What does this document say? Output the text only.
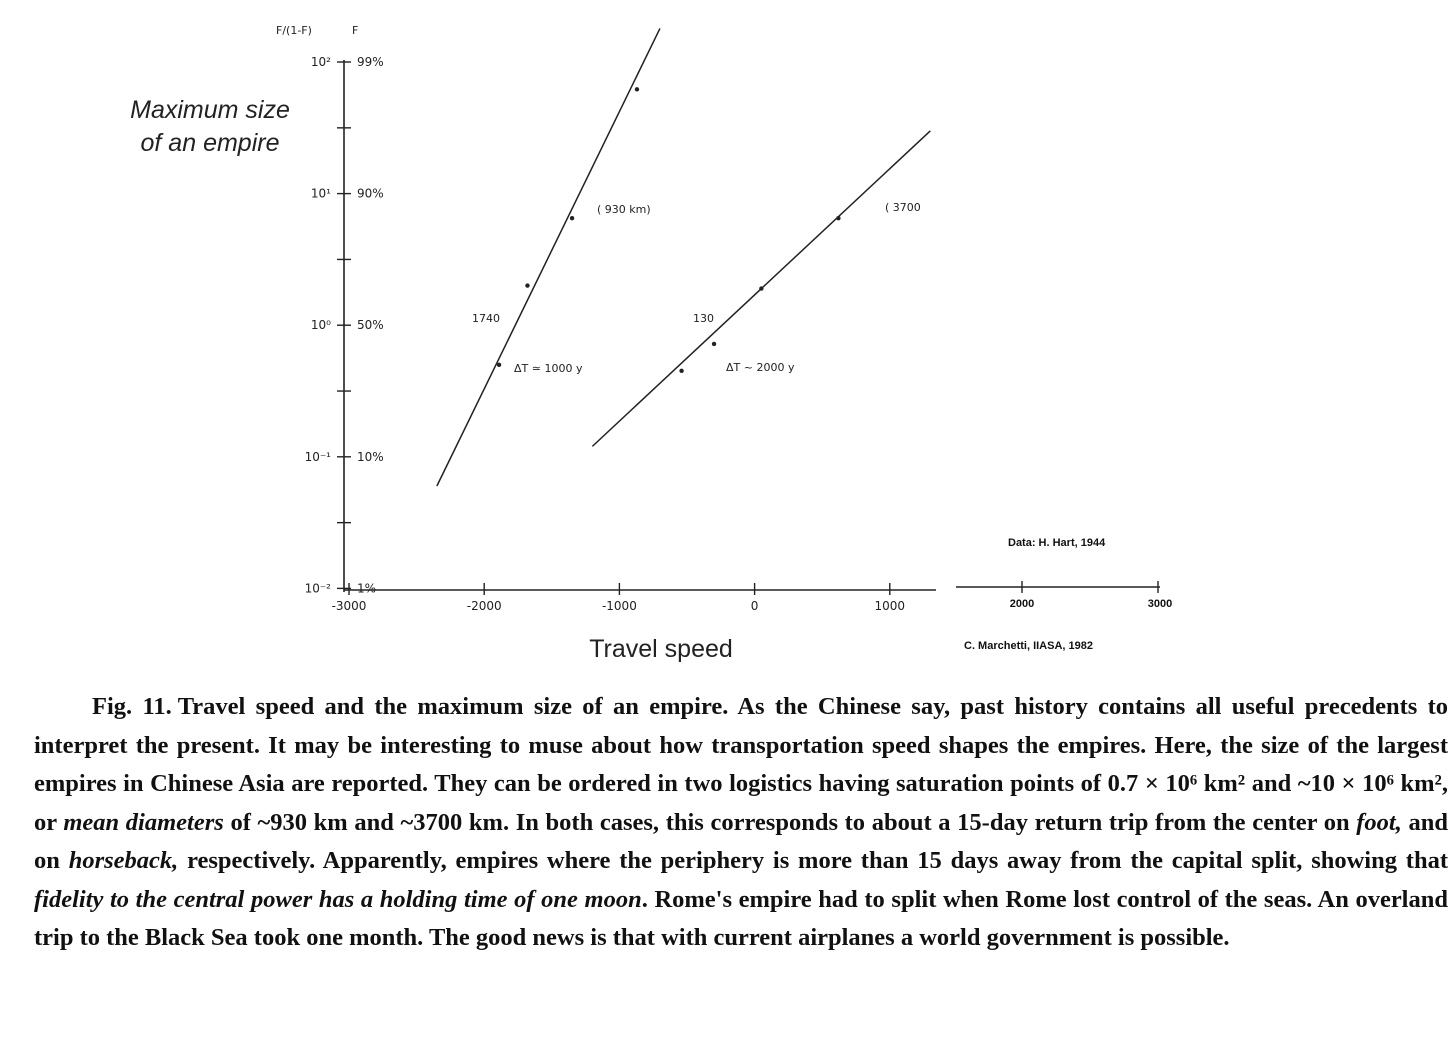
F/(1-F)	F
Maximum size
of an empire
Travel speed
-3000	-2000	-1000	0	1000
10²
10¹
10⁰
10⁻¹
10⁻²
99%
90%
50%
10%
1%
( 930 km)
1740
ΔT ≃ 1000 y
( 3700
130
ΔT ~ 2000 y
Data: H. Hart, 1944
2000	3000
C. Marchetti, IIASA, 1982
Fig. 11. Travel speed and the maximum size of an empire. As the Chinese say, past history contains all useful precedents to interpret the present. It may be interesting to muse about how transportation speed shapes the empires. Here, the size of the largest empires in Chinese Asia are reported. They can be ordered in two logistics having saturation points of 0.7 × 10⁶ km² and ~10 × 10⁶ km², or mean diameters of ~930 km and ~3700 km. In both cases, this corresponds to about a 15-day return trip from the center on foot, and on horseback, respectively. Apparently, empires where the periphery is more than 15 days away from the capital split, showing that fidelity to the central power has a holding time of one moon. Rome's empire had to split when Rome lost control of the seas. An overland trip to the Black Sea took one month. The good news is that with current airplanes a world government is possible.
